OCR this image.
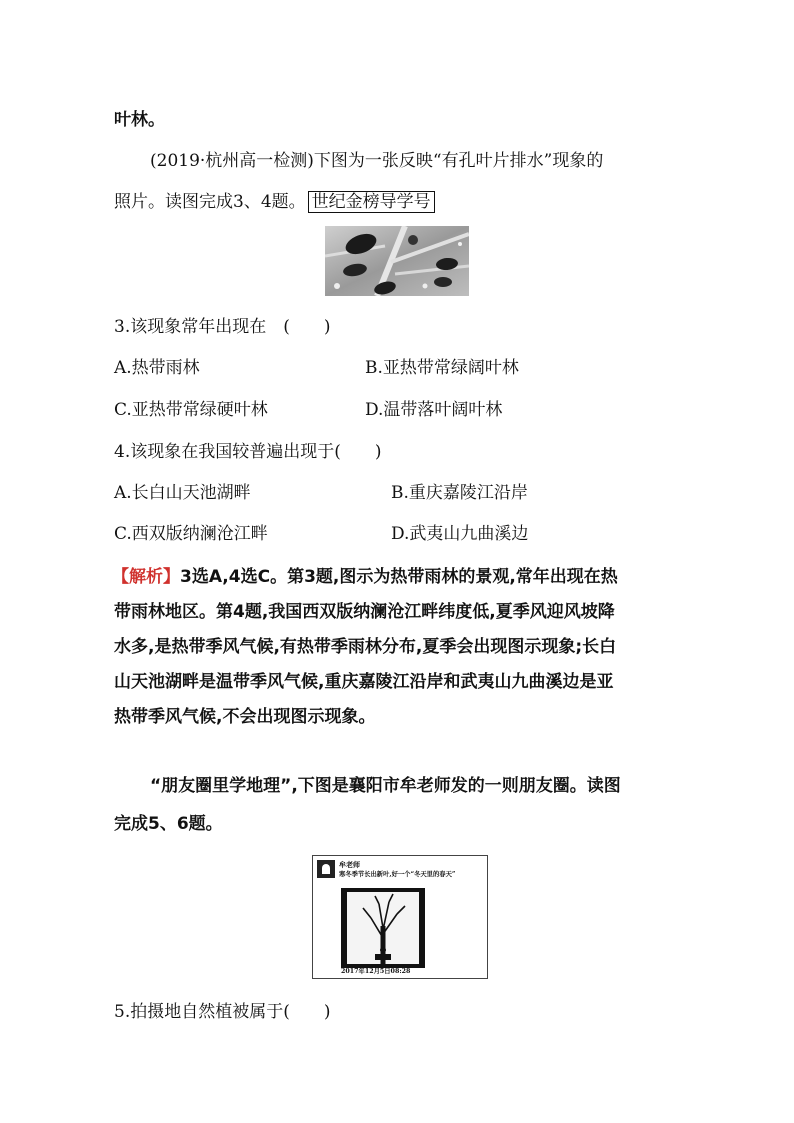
叶林。
(2019·杭州高一检测)下图为一张反映“有孔叶片排水”现象的
照片。读图完成3、4题。 世纪金榜导学号
3.该现象常年出现在　(　　)
A.热带雨林	B.亚热带常绿阔叶林
C.亚热带常绿硬叶林	D.温带落叶阔叶林
4.该现象在我国较普遍出现于(　　)
A.长白山天池湖畔	B.重庆嘉陵江沿岸
C.西双版纳澜沧江畔	D.武夷山九曲溪边
【解析】3选A,4选C。第3题,图示为热带雨林的景观,常年出现在热
带雨林地区。第4题,我国西双版纳澜沧江畔纬度低,夏季风迎风坡降
水多,是热带季风气候,有热带季雨林分布,夏季会出现图示现象;长白
山天池湖畔是温带季风气候,重庆嘉陵江沿岸和武夷山九曲溪边是亚
热带季风气候,不会出现图示现象。
“朋友圈里学地理”,下图是襄阳市牟老师发的一则朋友圈。读图
完成5、6题。
牟老师
寒冬季节长出新叶,好一个“冬天里的春天”
2017年12月5日08:28
5.拍摄地自然植被属于(　　)
